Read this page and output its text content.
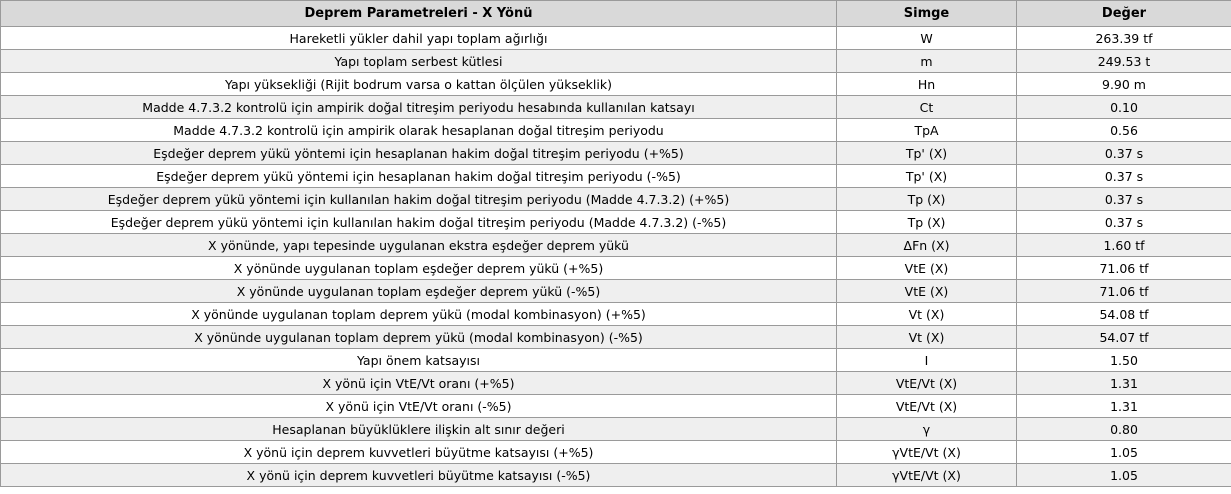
Deprem Parametreleri - X Yönü	Simge	Değer
Hareketli yükler dahil yapı toplam ağırlığı	W	263.39 tf
Yapı toplam serbest kütlesi	m	249.53 t
Yapı yüksekliği (Rijit bodrum varsa o kattan ölçülen yükseklik)	Hn	9.90 m
Madde 4.7.3.2 kontrolü için ampirik doğal titreşim periyodu hesabında kullanılan katsayı	Ct	0.10
Madde 4.7.3.2 kontrolü için ampirik olarak hesaplanan doğal titreşim periyodu	TpA	0.56
Eşdeğer deprem yükü yöntemi için hesaplanan hakim doğal titreşim periyodu (+%5)	Tp' (X)	0.37 s
Eşdeğer deprem yükü yöntemi için hesaplanan hakim doğal titreşim periyodu (-%5)	Tp' (X)	0.37 s
Eşdeğer deprem yükü yöntemi için kullanılan hakim doğal titreşim periyodu (Madde 4.7.3.2) (+%5)	Tp (X)	0.37 s
Eşdeğer deprem yükü yöntemi için kullanılan hakim doğal titreşim periyodu (Madde 4.7.3.2) (-%5)	Tp (X)	0.37 s
X yönünde, yapı tepesinde uygulanan ekstra eşdeğer deprem yükü	ΔFn (X)	1.60 tf
X yönünde uygulanan toplam eşdeğer deprem yükü (+%5)	VtE (X)	71.06 tf
X yönünde uygulanan toplam eşdeğer deprem yükü (-%5)	VtE (X)	71.06 tf
X yönünde uygulanan toplam deprem yükü (modal kombinasyon) (+%5)	Vt (X)	54.08 tf
X yönünde uygulanan toplam deprem yükü (modal kombinasyon) (-%5)	Vt (X)	54.07 tf
Yapı önem katsayısı	I	1.50
X yönü için VtE/Vt oranı (+%5)	VtE/Vt (X)	1.31
X yönü için VtE/Vt oranı (-%5)	VtE/Vt (X)	1.31
Hesaplanan büyüklüklere ilişkin alt sınır değeri	γ	0.80
X yönü için deprem kuvvetleri büyütme katsayısı (+%5)	γVtE/Vt (X)	1.05
X yönü için deprem kuvvetleri büyütme katsayısı (-%5)	γVtE/Vt (X)	1.05
